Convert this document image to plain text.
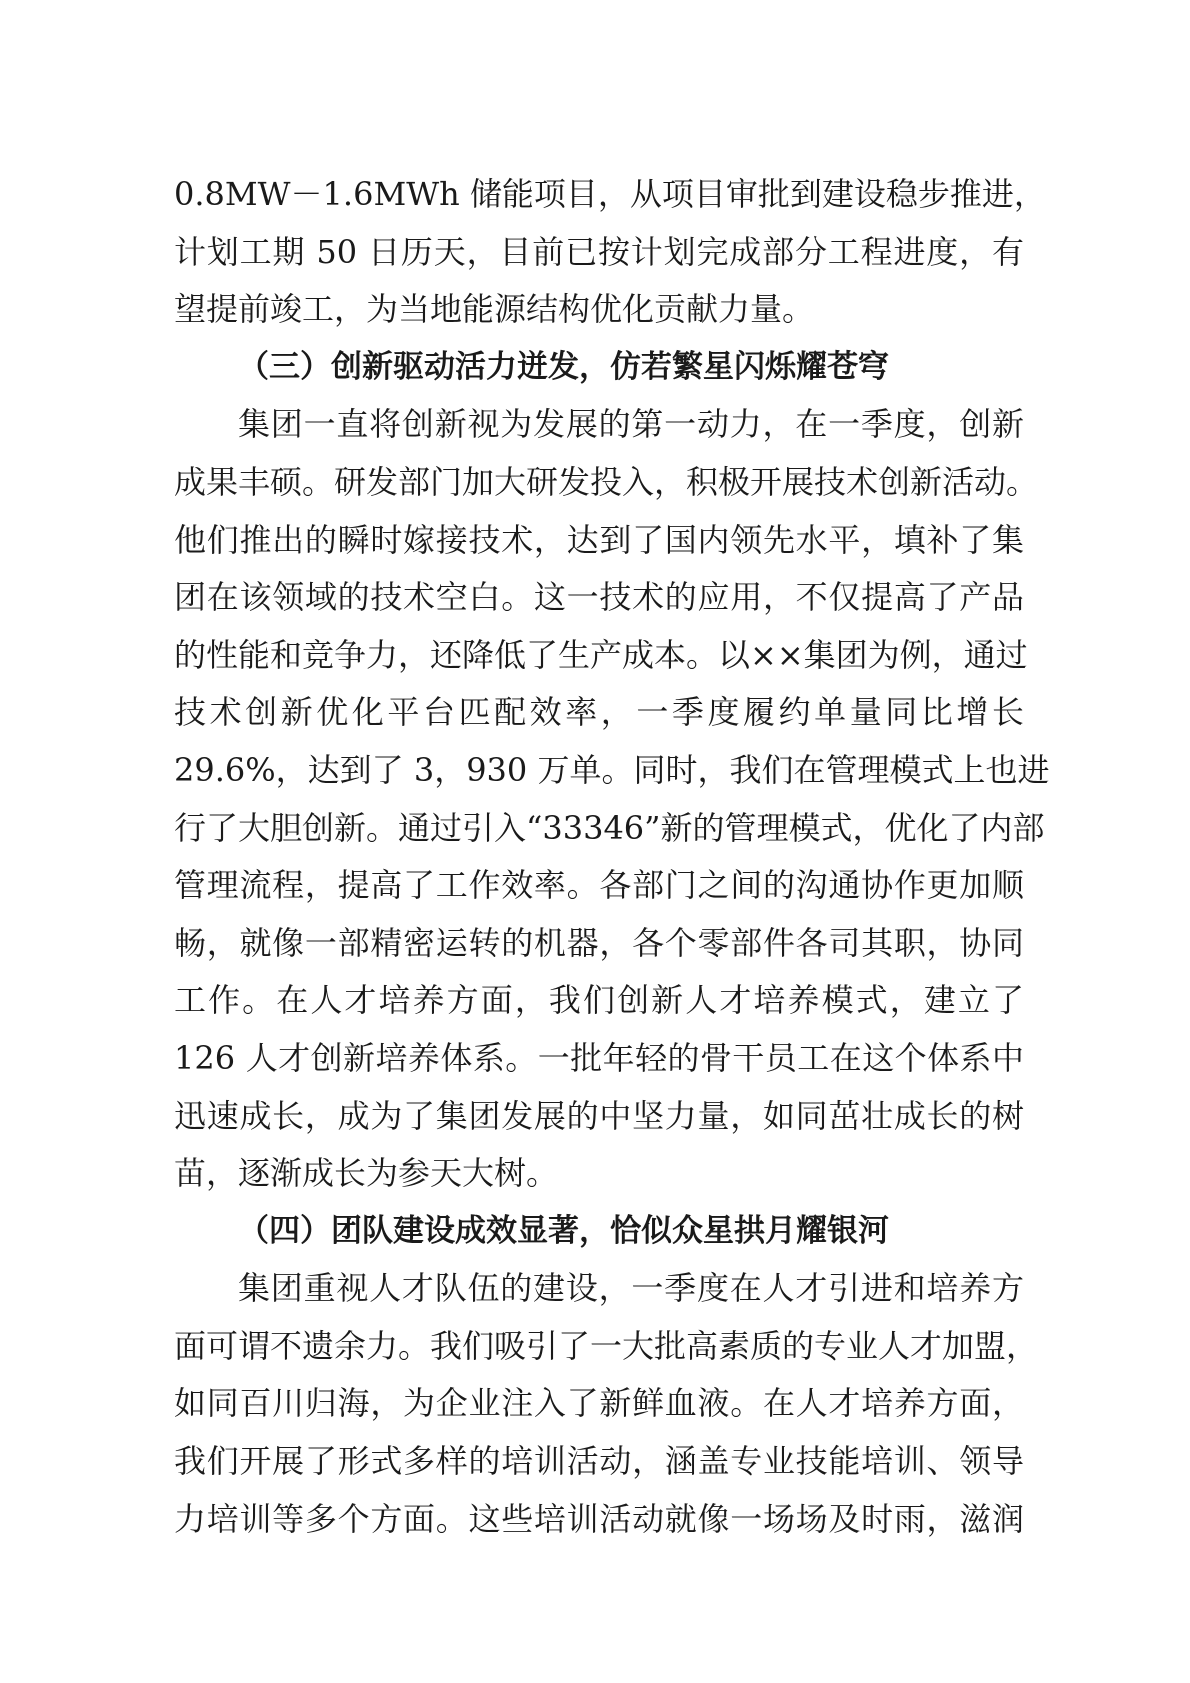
0.8MW－1.6MWh 储能项目，从项目审批到建设稳步推进，
计划工期 50 日历天，目前已按计划完成部分工程进度，有
望提前竣工，为当地能源结构优化贡献力量。
（三）创新驱动活力迸发，仿若繁星闪烁耀苍穹
集团一直将创新视为发展的第一动力，在一季度，创新
成果丰硕。研发部门加大研发投入，积极开展技术创新活动。
他们推出的瞬时嫁接技术，达到了国内领先水平，填补了集
团在该领域的技术空白。这一技术的应用，不仅提高了产品
的性能和竞争力，还降低了生产成本。以××集团为例，通过
技术创新优化平台匹配效率，一季度履约单量同比增长
29.6%，达到了 3，930 万单。同时，我们在管理模式上也进
行了大胆创新。通过引入“33346”新的管理模式，优化了内部
管理流程，提高了工作效率。各部门之间的沟通协作更加顺
畅，就像一部精密运转的机器，各个零部件各司其职，协同
工作。在人才培养方面，我们创新人才培养模式，建立了
126 人才创新培养体系。一批年轻的骨干员工在这个体系中
迅速成长，成为了集团发展的中坚力量，如同茁壮成长的树
苗，逐渐成长为参天大树。
（四）团队建设成效显著，恰似众星拱月耀银河
集团重视人才队伍的建设，一季度在人才引进和培养方
面可谓不遗余力。我们吸引了一大批高素质的专业人才加盟，
如同百川归海，为企业注入了新鲜血液。在人才培养方面，
我们开展了形式多样的培训活动，涵盖专业技能培训、领导
力培训等多个方面。这些培训活动就像一场场及时雨，滋润
